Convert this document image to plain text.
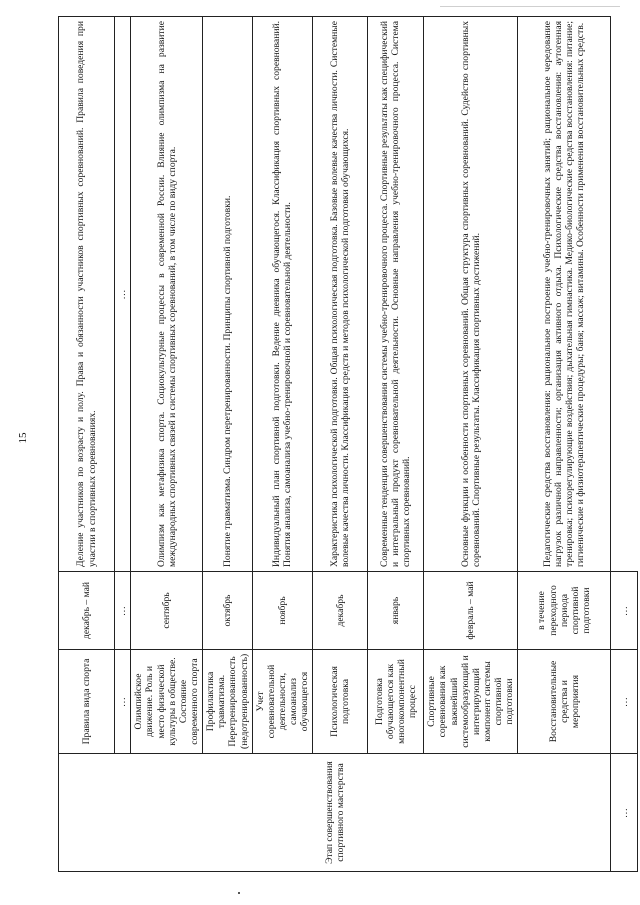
15
Этап совершенствования спортивного мастерства	Правила вида спорта	декабрь – май	Деление участников по возрасту и полу. Права и обязанности участников спортивных соревнований. Правила поведения при участии в спортивных соревнованиях.
	...	...	...
	Олимпийское движение. Роль и место физической культуры в обществе. Состояние современного спорта	сентябрь	Олимпизм как метафизика спорта. Социокультурные процессы в современной России. Влияние олимпизма на развитие международных спортивных связей и системы спортивных соревнований, в том числе по виду спорта.
	Профилактика травматизма. Перетренированность (недотренированность)	октябрь	Понятие травматизма. Синдром перетренированности. Принципы спортивной подготовки.
	Учет соревновательной деятельности, самоанализ обучающегося	ноябрь	Индивидуальный план спортивной подготовки. Ведение дневника обучающегося. Классификация спортивных соревнований. Понятия анализа, самоанализа учебно-тренировочной и соревновательной деятельности.
	Психологическая подготовка	декабрь	Характеристика психологической подготовки. Общая психологическая подготовка. Базовые волевые качества личности. Системные волевые качества личности. Классификация средств и методов психологической подготовки обучающихся.
	Подготовка обучающегося как многокомпонентный процесс	январь	Современные тенденции совершенствования системы учебно-тренировочного процесса. Спортивные результаты как специфический и интегральный продукт соревновательной деятельности. Основные направления учебно-тренировочного процесса. Система спортивных соревнований.
	Спортивные соревнования как важнейший системообразующий и интегрирующий компонент системы спортивной подготовки	февраль – май	Основные функции и особенности спортивных соревнований. Общая структура спортивных соревнований. Судейство спортивных соревнований. Спортивные результаты. Классификация спортивных достижений.
	Восстановительные средства и мероприятия	в течение переходного периода спортивной подготовки	Педагогические средства восстановления: рациональное построение учебно-тренировочных занятий; рациональное чередование нагрузок различной направленности; организация активного отдыха. Психологические средства восстановления: аутогенная тренировка; психорегулирующие воздействия; дыхательная гимнастика. Медико-биологические средства восстановления: питание; гигиенические и физиотерапевтические процедуры; баня; массаж; витамины. Особенности применения восстановительных средств.
...	...	...	
